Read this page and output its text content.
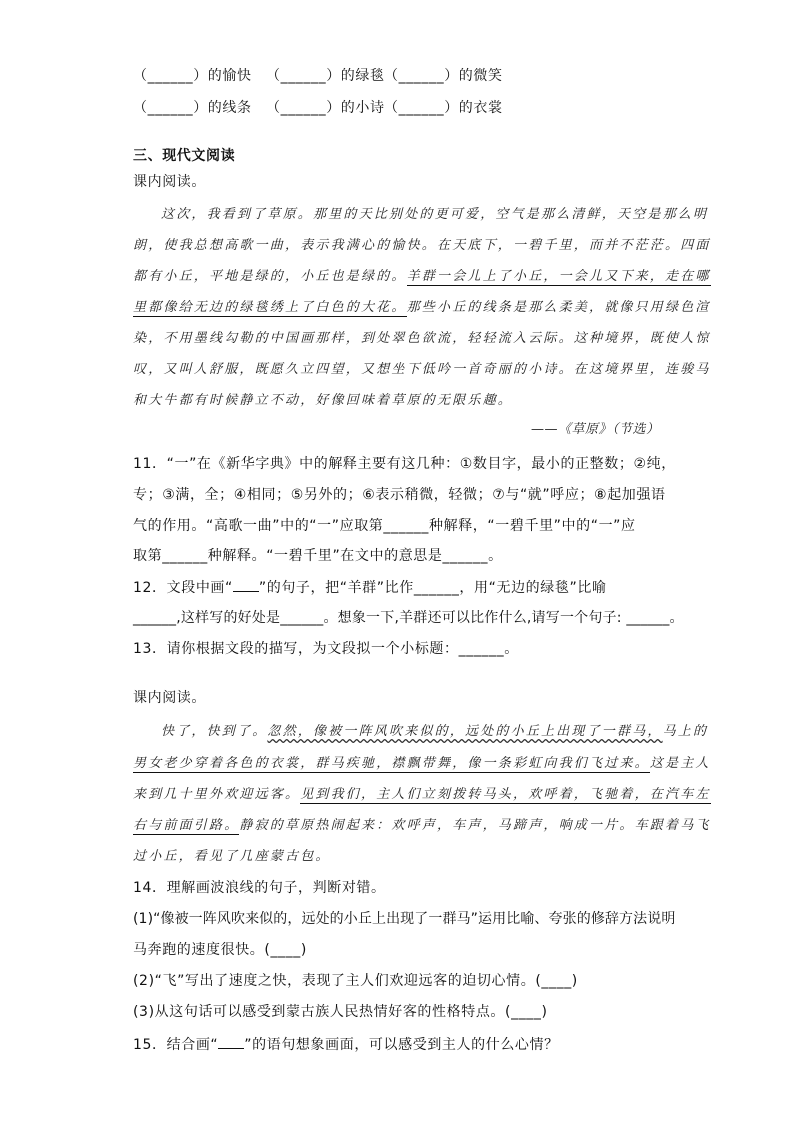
（______）的愉快 （______）的绿毯（______）的微笑
（______）的线条 （______）的小诗（______）的衣裳
三、现代文阅读
课内阅读。
这次，我看到了草原。那里的天比别处的更可爱，空气是那么清鲜，天空是那么明
朗，使我总想高歌一曲，表示我满心的愉快。在天底下，一碧千里，而并不茫茫。四面
都有小丘，平地是绿的，小丘也是绿的。羊群一会儿上了小丘，一会儿又下来，走在哪
里都像给无边的绿毯绣上了白色的大花。那些小丘的线条是那么柔美，就像只用绿色渲
染，不用墨线勾勒的中国画那样，到处翠色欲流，轻轻流入云际。这种境界，既使人惊
叹，又叫人舒服，既愿久立四望，又想坐下低吟一首奇丽的小诗。在这境界里，连骏马
和大牛都有时候静立不动，好像回味着草原的无限乐趣。
——《草原》（节选）
11．“一”在《新华字典》中的解释主要有这几种：①数目字，最小的正整数；②纯，
专；③满，全；④相同；⑤另外的；⑥表示稍微，轻微；⑦与“就”呼应；⑧起加强语
气的作用。“高歌一曲”中的“一”应取第______种解释，“一碧千里”中的“一”应
取第______种解释。“一碧千里”在文中的意思是______。
12．文段中画“ ”的句子，把“羊群”比作______，用“无边的绿毯”比喻
______,这样写的好处是______。想象一下,羊群还可以比作什么,请写一个句子: ______。
13．请你根据文段的描写，为文段拟一个小标题：______。
课内阅读。
快了，快到了。忽然，像被一阵风吹来似的，远处的小丘上出现了一群马，马上的
男女老少穿着各色的衣裳，群马疾驰，襟飘带舞，像一条彩虹向我们飞过来。这是主人
来到几十里外欢迎远客。见到我们，主人们立刻拨转马头，欢呼着，飞驰着，在汽车左
右与前面引路。静寂的草原热闹起来：欢呼声，车声，马蹄声，响成一片。车跟着马飞
过小丘，看见了几座蒙古包。
14．理解画波浪线的句子，判断对错。
(1)“像被一阵风吹来似的，远处的小丘上出现了一群马”运用比喻、夸张的修辞方法说明
马奔跑的速度很快。(____)
(2)“飞”写出了速度之快，表现了主人们欢迎远客的迫切心情。(____)
(3)从这句话可以感受到蒙古族人民热情好客的性格特点。(____)
15．结合画“ ”的语句想象画面，可以感受到主人的什么心情？
